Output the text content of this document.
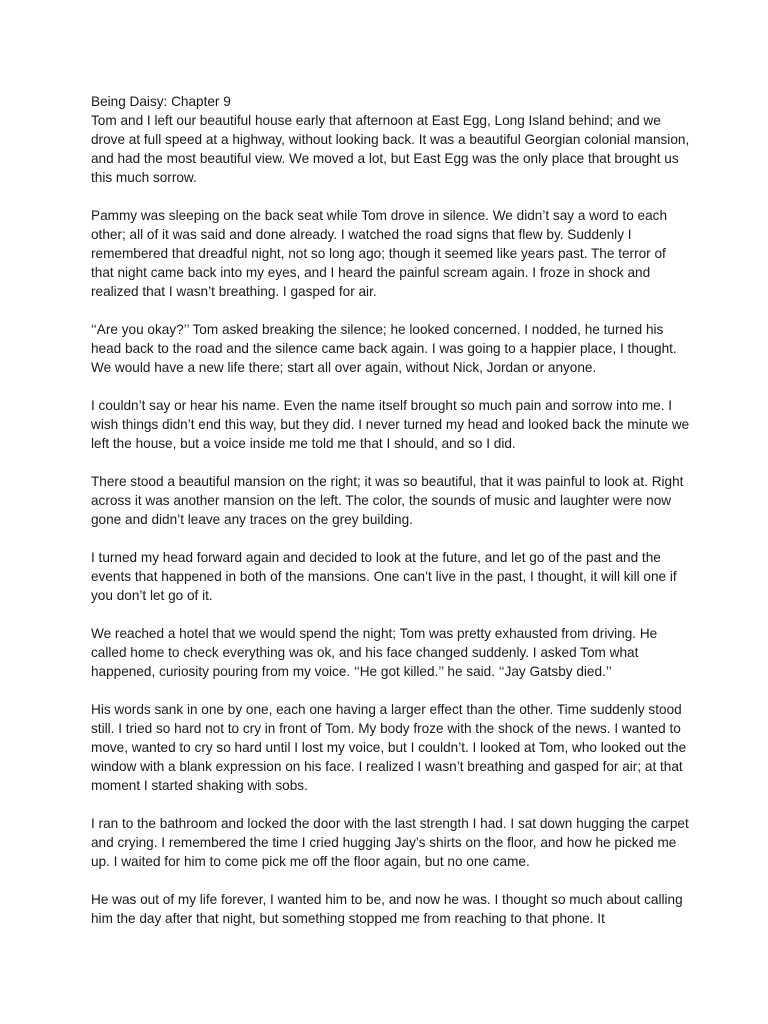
Being Daisy: Chapter 9

Tom and I left our beautiful house early that afternoon at East Egg, Long Island behind; and we drove at full speed at a highway, without looking back. It was a beautiful Georgian colonial mansion, and had the most beautiful view. We moved a lot, but East Egg was the only place that brought us this much sorrow.

Pammy was sleeping on the back seat while Tom drove in silence. We didn’t say a word to each other; all of it was said and done already. I watched the road signs that flew by. Suddenly I remembered that dreadful night, not so long ago; though it seemed like years past. The terror of that night came back into my eyes, and I heard the painful scream again. I froze in shock and realized that I wasn’t breathing. I gasped for air.

‘‘Are you okay?’’ Tom asked breaking the silence; he looked concerned. I nodded, he turned his head back to the road and the silence came back again. I was going to a happier place, I thought. We would have a new life there; start all over again, without Nick, Jordan or anyone.

I couldn’t say or hear his name. Even the name itself brought so much pain and sorrow into me. I wish things didn’t end this way, but they did. I never turned my head and looked back the minute we left the house, but a voice inside me told me that I should, and so I did.

There stood a beautiful mansion on the right; it was so beautiful, that it was painful to look at. Right across it was another mansion on the left. The color, the sounds of music and laughter were now gone and didn’t leave any traces on the grey building.

I turned my head forward again and decided to look at the future, and let go of the past and the events that happened in both of the mansions. One can’t live in the past, I thought, it will kill one if you don’t let go of it.

We reached a hotel that we would spend the night; Tom was pretty exhausted from driving. He called home to check everything was ok, and his face changed suddenly. I asked Tom what happened, curiosity pouring from my voice. ‘‘He got killed.’’ he said. ‘‘Jay Gatsby died.’’

His words sank in one by one, each one having a larger effect than the other. Time suddenly stood still. I tried so hard not to cry in front of Tom. My body froze with the shock of the news. I wanted to move, wanted to cry so hard until I lost my voice, but I couldn’t. I looked at Tom, who looked out the window with a blank expression on his face. I realized I wasn’t breathing and gasped for air; at that moment I started shaking with sobs.

I ran to the bathroom and locked the door with the last strength I had. I sat down hugging the carpet and crying. I remembered the time I cried hugging Jay’s shirts on the floor, and how he picked me up. I waited for him to come pick me off the floor again, but no one came.

He was out of my life forever, I wanted him to be, and now he was. I thought so much about calling him the day after that night, but something stopped me from reaching to that phone. It
